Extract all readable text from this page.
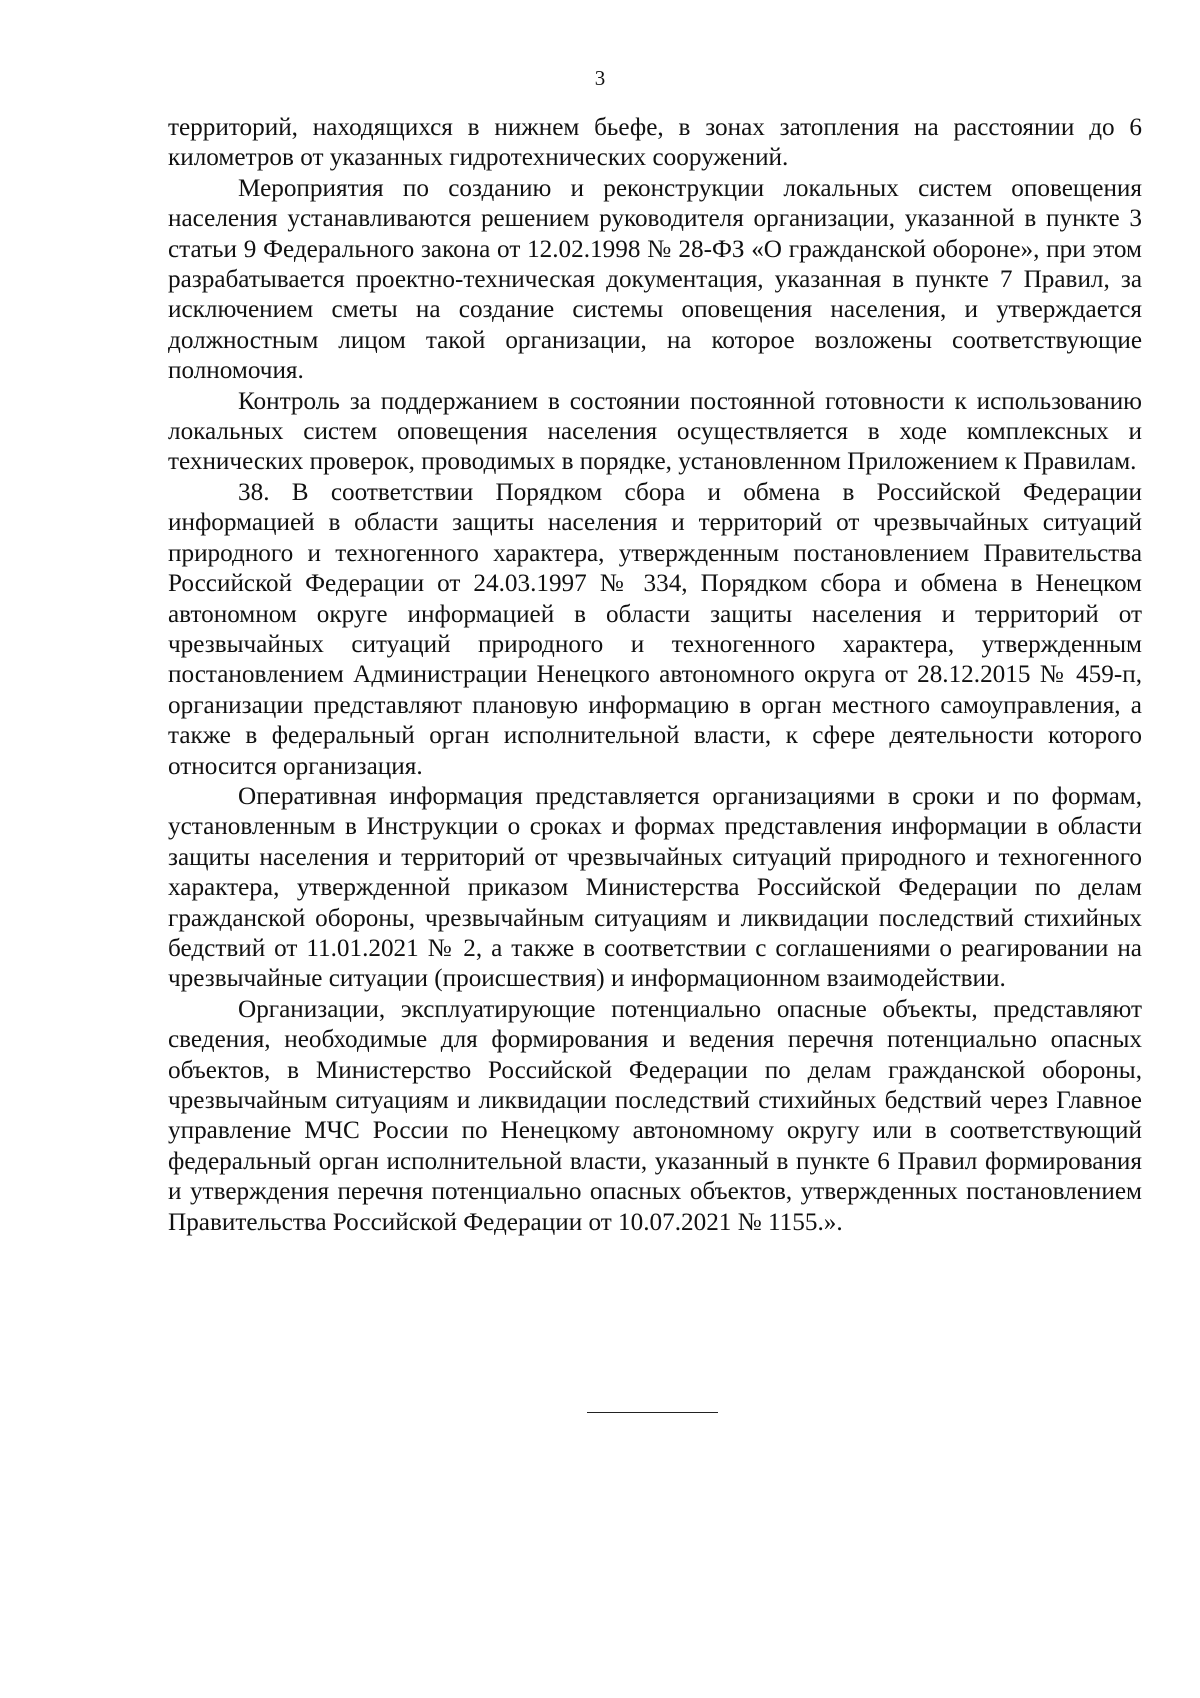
3

территорий, находящихся в нижнем бьефе, в зонах затопления на расстоянии до 6 километров от указанных гидротехнических сооружений.

Мероприятия по созданию и реконструкции локальных систем оповещения населения устанавливаются решением руководителя организации, указанной в пункте 3 статьи 9 Федерального закона от 12.02.1998 № 28-ФЗ «О гражданской обороне», при этом разрабатывается проектно-техническая документация, указанная в пункте 7 Правил, за исключением сметы на создание системы оповещения населения, и утверждается должностным лицом такой организации, на которое возложены соответствующие полномочия.

Контроль за поддержанием в состоянии постоянной готовности к использованию локальных систем оповещения населения осуществляется в ходе комплексных и технических проверок, проводимых в порядке, установленном Приложением к Правилам.

38. В соответствии Порядком сбора и обмена в Российской Федерации информацией в области защиты населения и территорий от чрезвычайных ситуаций природного и техногенного характера, утвержденным постановлением Правительства Российской Федерации от 24.03.1997 № 334, Порядком сбора и обмена в Ненецком автономном округе информацией в области защиты населения и территорий от чрезвычайных ситуаций природного и техногенного характера, утвержденным постановлением Администрации Ненецкого автономного округа от 28.12.2015 № 459-п, организации представляют плановую информацию в орган местного самоуправления, а также в федеральный орган исполнительной власти, к сфере деятельности которого относится организация.

Оперативная информация представляется организациями в сроки и по формам, установленным в Инструкции о сроках и формах представления информации в области защиты населения и территорий от чрезвычайных ситуаций природного и техногенного характера, утвержденной приказом Министерства Российской Федерации по делам гражданской обороны, чрезвычайным ситуациям и ликвидации последствий стихийных бедствий от 11.01.2021 № 2, а также в соответствии с соглашениями о реагировании на чрезвычайные ситуации (происшествия) и информационном взаимодействии.

Организации, эксплуатирующие потенциально опасные объекты, представляют сведения, необходимые для формирования и ведения перечня потенциально опасных объектов, в Министерство Российской Федерации по делам гражданской обороны, чрезвычайным ситуациям и ликвидации последствий стихийных бедствий через Главное управление МЧС России по Ненецкому автономному округу или в соответствующий федеральный орган исполнительной власти, указанный в пункте 6 Правил формирования и утверждения перечня потенциально опасных объектов, утвержденных постановлением Правительства Российской Федерации от 10.07.2021 № 1155.».
